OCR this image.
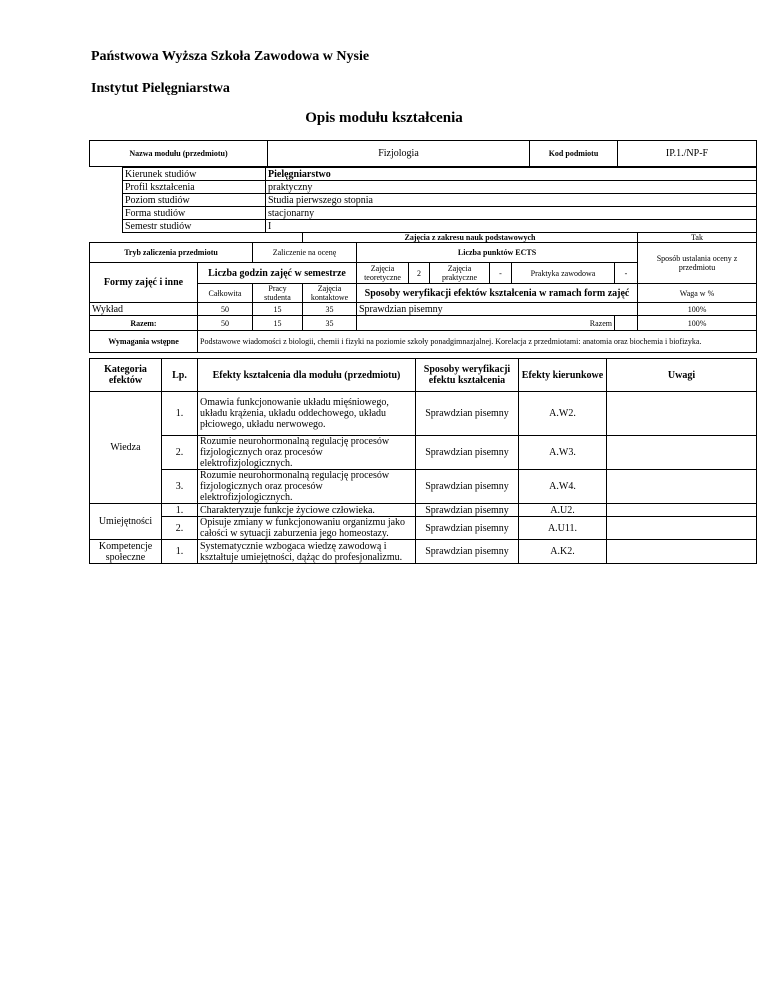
Państwowa Wyższa Szkoła Zawodowa w Nysie
Instytut Pielęgniarstwa
Opis modułu kształcenia
Nazwa modułu (przedmiotu)	Fizjologia	Kod podmiotu	IP.1./NP-F
Kierunek studiów	Pielęgniarstwo
Profil kształcenia	praktyczny
Poziom studiów	Studia pierwszego stopnia
Forma studiów	stacjonarny
Semestr studiów	I
			Zajęcia z zakresu nauk podstawowych							Tak
Tryb zaliczenia przedmiotu		Zaliczenie na ocenę		Liczba punktów ECTS						Sposób ustalania oceny z przedmiotu
Formy zajęć i inne	Liczba godzin zajęć w semestrze			Zajęcia teoretyczne	2	Zajęcia praktyczne	-	Praktyka zawodowa	-	
	Całkowita	Pracy studenta	Zajęcia kontaktowe	Sposoby weryfikacji efektów kształcenia w ramach form zajęć						Waga w %
Wykład	50	15	35	Sprawdzian pisemny						100%
Razem:	50	15	35	Razem						100%
Wymagania wstępne	Podstawowe wiadomości z biologii, chemii i fizyki na poziomie szkoły ponadgimnazjalnej. Korelacja z przedmiotami: anatomia oraz biochemia i biofizyka.									
Kategoria efektów	Lp.	Efekty kształcenia dla modułu (przedmiotu)	Sposoby weryfikacji efektu kształcenia	Efekty kierunkowe	Uwagi
Wiedza	1.	Omawia funkcjonowanie układu mięśniowego, układu krążenia, układu oddechowego, układu płciowego, układu nerwowego.	Sprawdzian pisemny	A.W2.	
	2.	Rozumie neurohormonalną regulację procesów fizjologicznych oraz procesów elektrofizjologicznych.	Sprawdzian pisemny	A.W3.	
	3.	Rozumie neurohormonalną regulację procesów fizjologicznych oraz procesów elektrofizjologicznych.	Sprawdzian pisemny	A.W4.	
Umiejętności	1.	Charakteryzuje funkcje życiowe człowieka.	Sprawdzian pisemny	A.U2.	
	2.	Opisuje zmiany w funkcjonowaniu organizmu jako całości w sytuacji zaburzenia jego homeostazy.	Sprawdzian pisemny	A.U11.	
Kompetencje społeczne	1.	Systematycznie wzbogaca wiedzę zawodową i kształtuje umiejętności, dążąc do profesjonalizmu.	Sprawdzian pisemny	A.K2.	
